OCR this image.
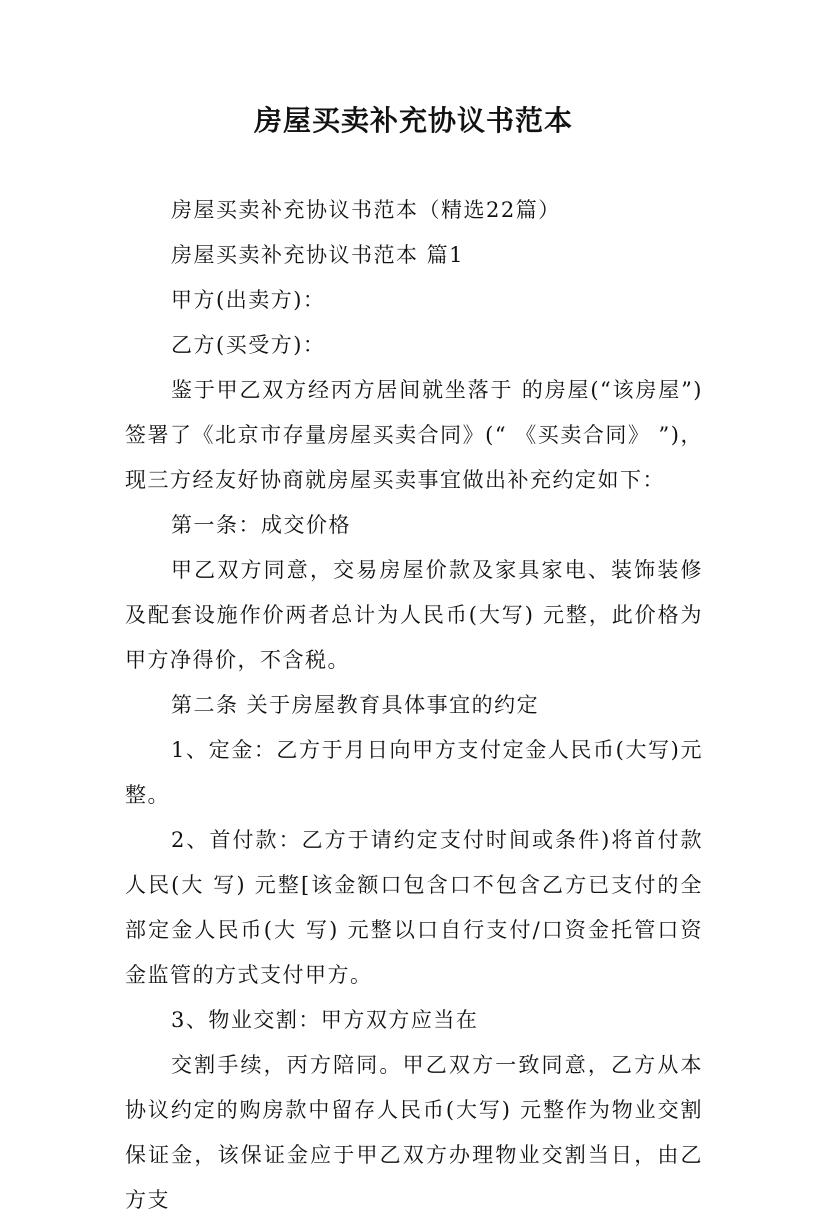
房屋买卖补充协议书范本

房屋买卖补充协议书范本（精选22篇）

房屋买卖补充协议书范本 篇1

甲方(出卖方)：

乙方(买受方)：

鉴于甲乙双方经丙方居间就坐落于 的房屋(“该房屋”)签署了《北京市存量房屋买卖合同》(“ 《买卖合同》 ”)，现三方经友好协商就房屋买卖事宜做出补充约定如下：

第一条：成交价格

甲乙双方同意，交易房屋价款及家具家电、装饰装修及配套设施作价两者总计为人民币(大写) 元整，此价格为甲方净得价，不含税。

第二条 关于房屋教育具体事宜的约定

1、定金：乙方于月日向甲方支付定金人民币(大写)元整。

2、首付款：乙方于请约定支付时间或条件)将首付款人民(大 写) 元整[该金额口包含口不包含乙方已支付的全部定金人民币(大 写) 元整以口自行支付/口资金托管口资金监管的方式支付甲方。

3、物业交割：甲方双方应当在

交割手续，丙方陪同。甲乙双方一致同意，乙方从本协议约定的购房款中留存人民币(大写) 元整作为物业交割保证金，该保证金应于甲乙双方办理物业交割当日，由乙方支
